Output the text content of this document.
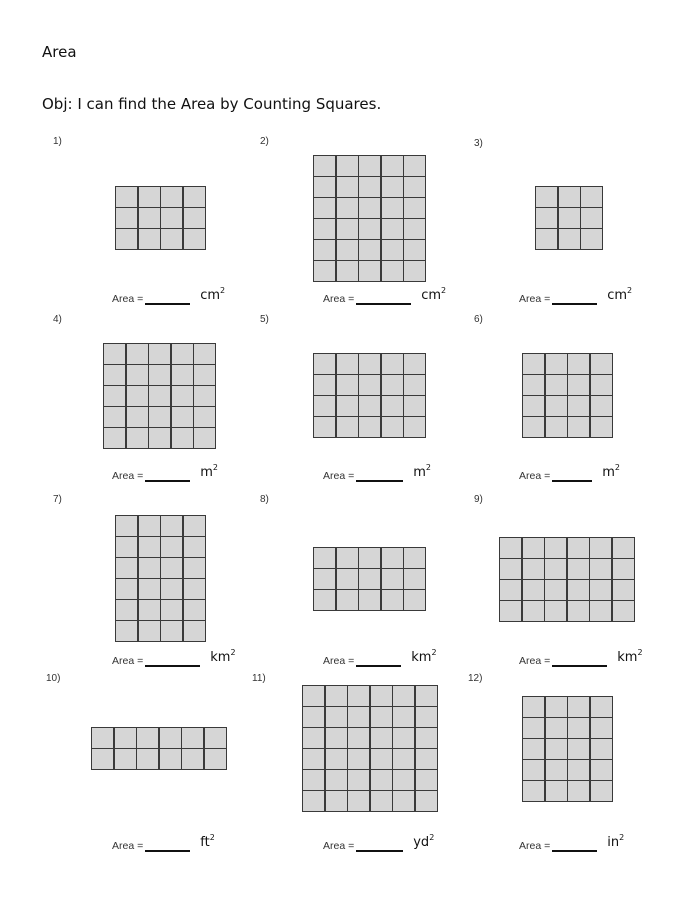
Area
Obj: I can find the Area by Counting Squares.
1)
Area =	$cm^2$
2)
Area =	$cm^2$
3)
Area =	$cm^2$
4)
Area =	$m^2$
5)
Area =	$m^2$
6)
Area =	$m^2$
7)
Area =	$km^2$
8)
Area =	$km^2$
9)
Area =	$km^2$
10)
Area =	$ft^2$
11)
Area =	$yd^2$
12)
Area =	$in^2$
